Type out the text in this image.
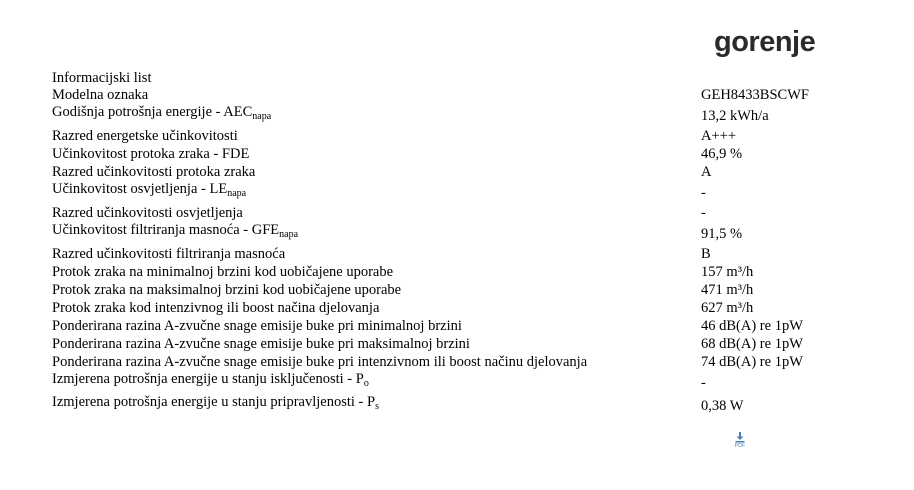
gorenje
Informacijski list
Modelna oznaka	GEH8433BSCWF
Godišnja potrošnja energije - $AEC_{napa}$	13,2 kWh/a
Razred energetske učinkovitosti	A+++
Učinkovitost protoka zraka - FDE	46,9 %
Razred učinkovitosti protoka zraka	A
Učinkovitost osvjetljenja - $LE_{napa}$	-
Razred učinkovitosti osvjetljenja	-
Učinkovitost filtriranja masnoća - $GFE_{napa}$	91,5 %
Razred učinkovitosti filtriranja masnoća	B
Protok zraka na minimalnoj brzini kod uobičajene uporabe	157 m³/h
Protok zraka na maksimalnoj brzini kod uobičajene uporabe	471 m³/h
Protok zraka kod intenzivnog ili boost načina djelovanja	627 m³/h
Ponderirana razina A-zvučne snage emisije buke pri minimalnoj brzini	46 dB(A) re 1pW
Ponderirana razina A-zvučne snage emisije buke pri maksimalnoj brzini	68 dB(A) re 1pW
Ponderirana razina A-zvučne snage emisije buke pri intenzivnom ili boost načinu djelovanja	74 dB(A) re 1pW
Izmjerena potrošnja energije u stanju isključenosti - $P_o$	-
Izmjerena potrošnja energije u stanju pripravljenosti - $P_s$	0,38 W
PDF
